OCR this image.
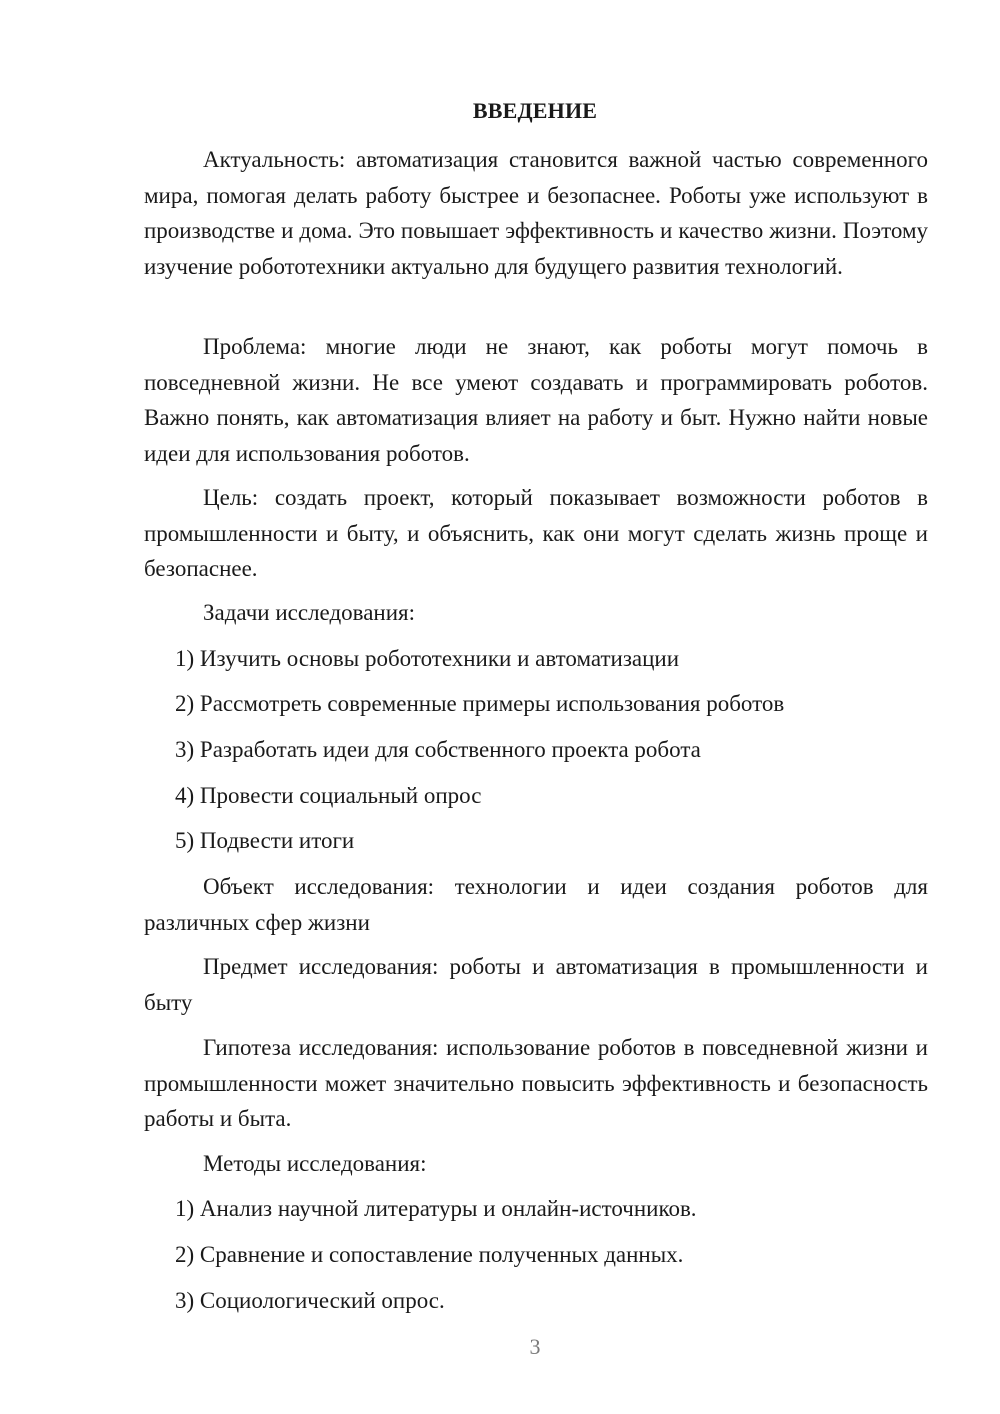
ВВЕДЕНИЕ

Актуальность: автоматизация становится важной частью современного мира, помогая делать работу быстрее и безопаснее. Роботы уже используют в производстве и дома. Это повышает эффективность и качество жизни. Поэтому изучение робототехники актуально для будущего развития технологий.

Проблема: многие люди не знают, как роботы могут помочь в повседневной жизни. Не все умеют создавать и программировать роботов. Важно понять, как автоматизация влияет на работу и быт. Нужно найти новые идеи для использования роботов.

Цель: создать проект, который показывает возможности роботов в промышленности и быту, и объяснить, как они могут сделать жизнь проще и безопаснее.

Задачи исследования:

1) Изучить основы робототехники и автоматизации

2) Рассмотреть современные примеры использования роботов

3) Разработать идеи для собственного проекта робота

4) Провести социальный опрос

5) Подвести итоги

Объект исследования: технологии и идеи создания роботов для различных сфер жизни

Предмет исследования: роботы и автоматизация в промышленности и быту

Гипотеза исследования: использование роботов в повседневной жизни и промышленности может значительно повысить эффективность и безопасность работы и быта.

Методы исследования:

1) Анализ научной литературы и онлайн-источников.

2) Сравнение и сопоставление полученных данных.

3) Социологический опрос.

3
